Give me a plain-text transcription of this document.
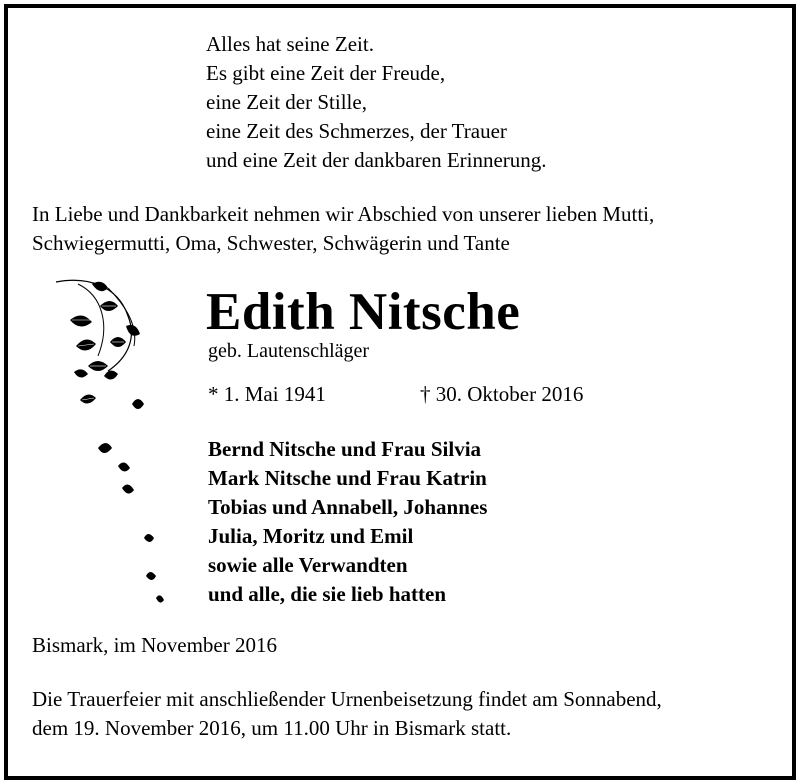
Alles hat seine Zeit.
Es gibt eine Zeit der Freude,
eine Zeit der Stille,
eine Zeit des Schmerzes, der Trauer
und eine Zeit der dankbaren Erinnerung.
In Liebe und Dankbarkeit nehmen wir Abschied von unserer lieben Mutti,
Schwiegermutti, Oma, Schwester, Schwägerin und Tante
Edith Nitsche
geb. Lautenschläger
* 1. Mai 1941	† 30. Oktober 2016
Bernd Nitsche und Frau Silvia
Mark Nitsche und Frau Katrin
Tobias und Annabell, Johannes
Julia, Moritz und Emil
sowie alle Verwandten
und alle, die sie lieb hatten
Bismark, im November 2016
Die Trauerfeier mit anschließender Urnenbeisetzung findet am Sonnabend,
dem 19. November 2016, um 11.00 Uhr in Bismark statt.
